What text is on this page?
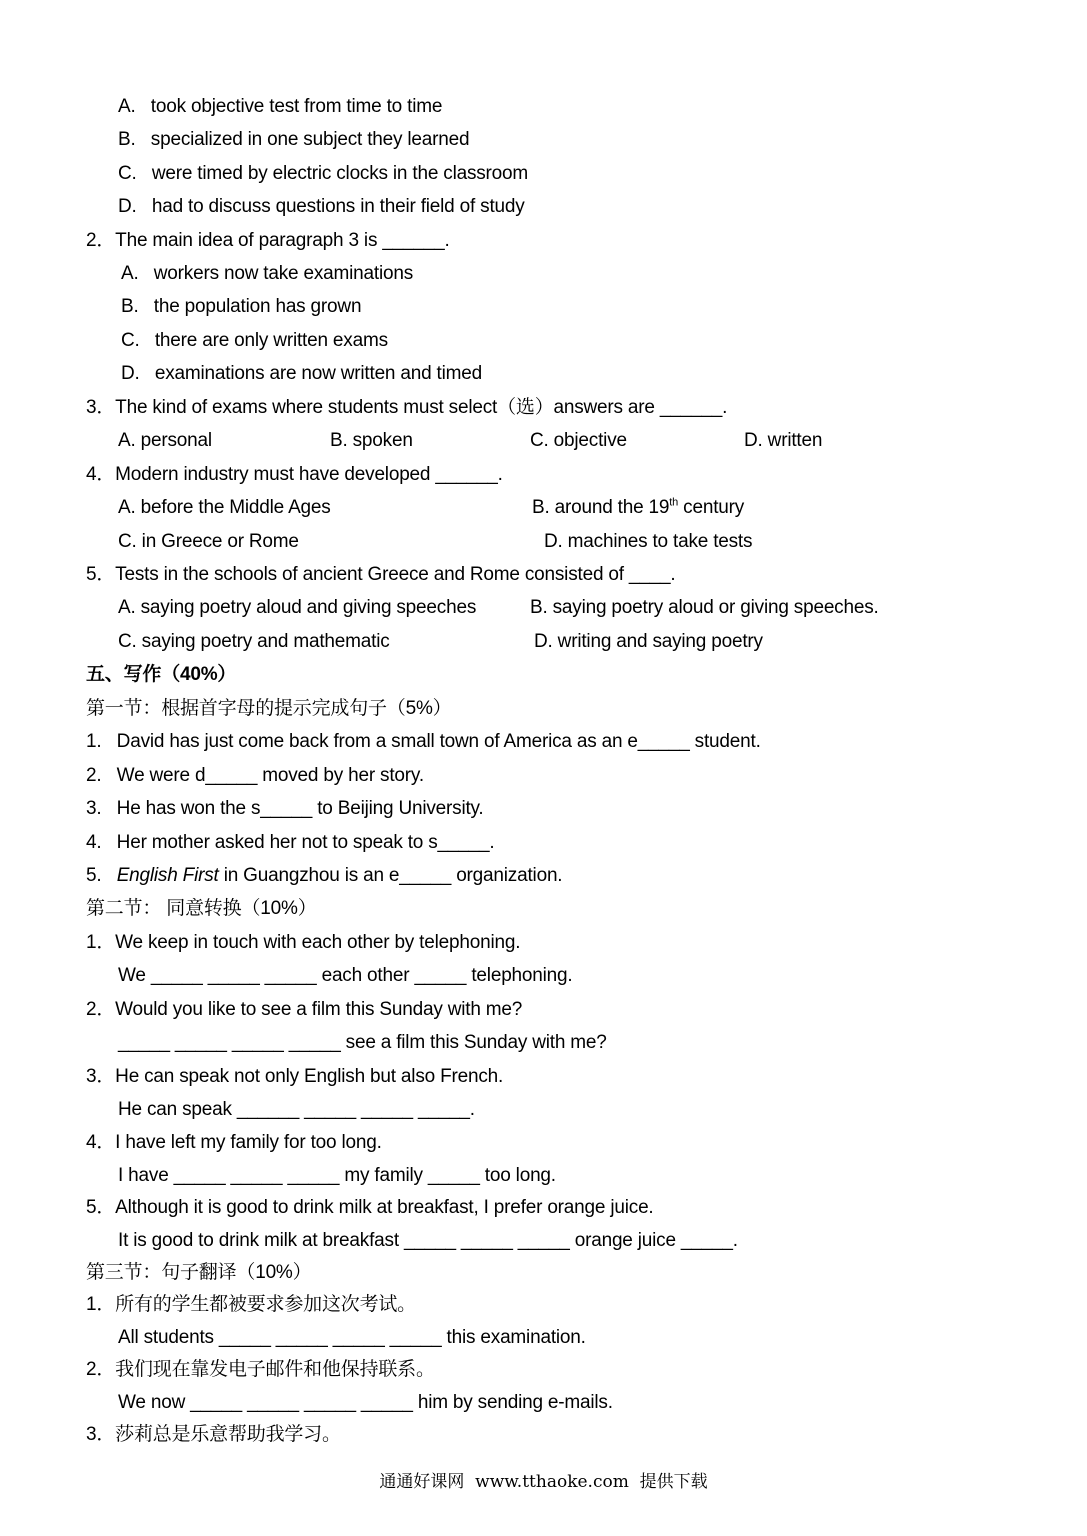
A.   took objective test from time to time
B.   specialized in one subject they learned
C.   were timed by electric clocks in the classroom
D.   had to discuss questions in their field of study
2．The main idea of paragraph 3 is ______.
A.   workers now take examinations
B.   the population has grown
C.   there are only written exams
D.   examinations are now written and timed
3．The kind of exams where students must select（选）answers are ______.
A. personal	B. spoken	C. objective	D. written
4．Modern industry must have developed ______.
A. before the Middle Ages	B. around the 19th century
C. in Greece or Rome	D. machines to take tests
5．Tests in the schools of ancient Greece and Rome consisted of ____.
A. saying poetry aloud and giving speeches	B. saying poetry aloud or giving speeches.
C. saying poetry and mathematic	D. writing and saying poetry
五、写作（40%）
第一节：根据首字母的提示完成句子（5%）
1.   David has just come back from a small town of America as an e_____ student.
2.   We were d_____ moved by her story.
3.   He has won the s_____ to Beijing University.
4.   Her mother asked her not to speak to s_____.
5.   English First in Guangzhou is an e_____ organization.
第二节： 同意转换（10%）
1．We keep in touch with each other by telephoning.
We _____ _____ _____ each other _____ telephoning.
2．Would you like to see a film this Sunday with me?
_____ _____ _____ _____ see a film this Sunday with me?
3．He can speak not only English but also French.
He can speak ______ _____ _____ _____.
4．I have left my family for too long.
I have _____ _____ _____ my family _____ too long.
5．Although it is good to drink milk at breakfast, I prefer orange juice.
It is good to drink milk at breakfast _____ _____ _____ orange juice _____.
第三节：句子翻译（10%）
1．所有的学生都被要求参加这次考试。
All students _____ _____ _____ _____ this examination.
2．我们现在靠发电子邮件和他保持联系。
We now _____ _____ _____ _____ him by sending e-mails.
3．莎莉总是乐意帮助我学习。
通通好课网  www.tthaoke.com  提供下载
